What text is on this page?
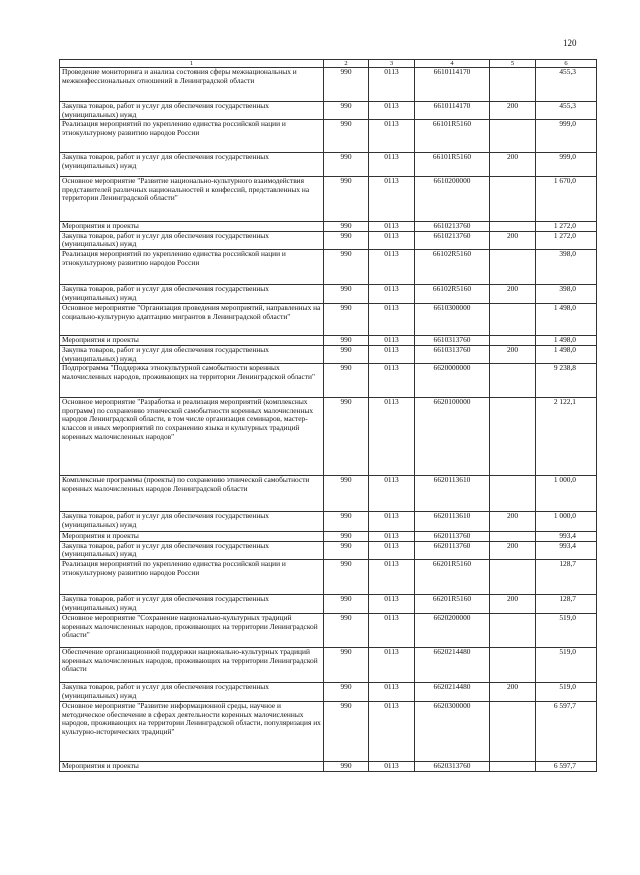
120
1	2	3	4	5	6
Проведение мониторинга и анализа состояния сферы межнациональных и межконфессиональных отношений в Ленинградской области	990	0113	6610114170		455,3
Закупка товаров, работ и услуг для обеспечения государственных (муниципальных) нужд	990	0113	6610114170	200	455,3
Реализация мероприятий по укреплению единства российской нации и этнокультурному развитию народов России	990	0113	66101R5160		999,0
Закупка товаров, работ и услуг для обеспечения государственных (муниципальных) нужд	990	0113	66101R5160	200	999,0
Основное мероприятие "Развитие национально-культурного взаимодействия представителей различных национальностей и конфессий, представленных на территории Ленинградской области"	990	0113	6610200000		1 670,0
Мероприятия и проекты	990	0113	6610213760		1 272,0
Закупка товаров, работ и услуг для обеспечения государственных (муниципальных) нужд	990	0113	6610213760	200	1 272,0
Реализация мероприятий по укреплению единства российской нации и этнокультурному развитию народов России	990	0113	66102R5160		398,0
Закупка товаров, работ и услуг для обеспечения государственных (муниципальных) нужд	990	0113	66102R5160	200	398,0
Основное мероприятие "Организация проведения мероприятий, направленных на социально-культурную адаптацию мигрантов в Ленинградской области"	990	0113	6610300000		1 498,0
Мероприятия и проекты	990	0113	6610313760		1 498,0
Закупка товаров, работ и услуг для обеспечения государственных (муниципальных) нужд	990	0113	6610313760	200	1 498,0
Подпрограмма "Поддержка этнокультурной самобытности коренных малочисленных народов, проживающих на территории Ленинградской области"	990	0113	6620000000		9 238,8
Основное мероприятие "Разработка и реализация мероприятий (комплексных программ) по сохранению этнической самобытности коренных малочисленных народов Ленинградской области, в том числе организация семинаров, мастер-классов и иных мероприятий по сохранению языка и культурных традиций коренных малочисленных народов"	990	0113	6620100000		2 122,1
Комплексные программы (проекты) по сохранению этнической самобытности коренных малочисленных народов Ленинградской области	990	0113	6620113610		1 000,0
Закупка товаров, работ и услуг для обеспечения государственных (муниципальных) нужд	990	0113	6620113610	200	1 000,0
Мероприятия и проекты	990	0113	6620113760		993,4
Закупка товаров, работ и услуг для обеспечения государственных (муниципальных) нужд	990	0113	6620113760	200	993,4
Реализация мероприятий по укреплению единства российской нации и этнокультурному развитию народов России	990	0113	66201R5160		128,7
Закупка товаров, работ и услуг для обеспечения государственных (муниципальных) нужд	990	0113	66201R5160	200	128,7
Основное мероприятие "Сохранение национально-культурных традиций коренных малочисленных народов, проживающих на территории Ленинградской области"	990	0113	6620200000		519,0
Обеспечение организационной поддержки национально-культурных традиций коренных малочисленных народов, проживающих на территории Ленинградской области	990	0113	6620214480		519,0
Закупка товаров, работ и услуг для обеспечения государственных (муниципальных) нужд	990	0113	6620214480	200	519,0
Основное мероприятие "Развитие информационной среды, научное и методическое обеспечение в сферах деятельности коренных малочисленных народов, проживающих на территории Ленинградской области, популяризация их культурно-исторических традиций"	990	0113	6620300000		6 597,7
Мероприятия и проекты	990	0113	6620313760		6 597,7
